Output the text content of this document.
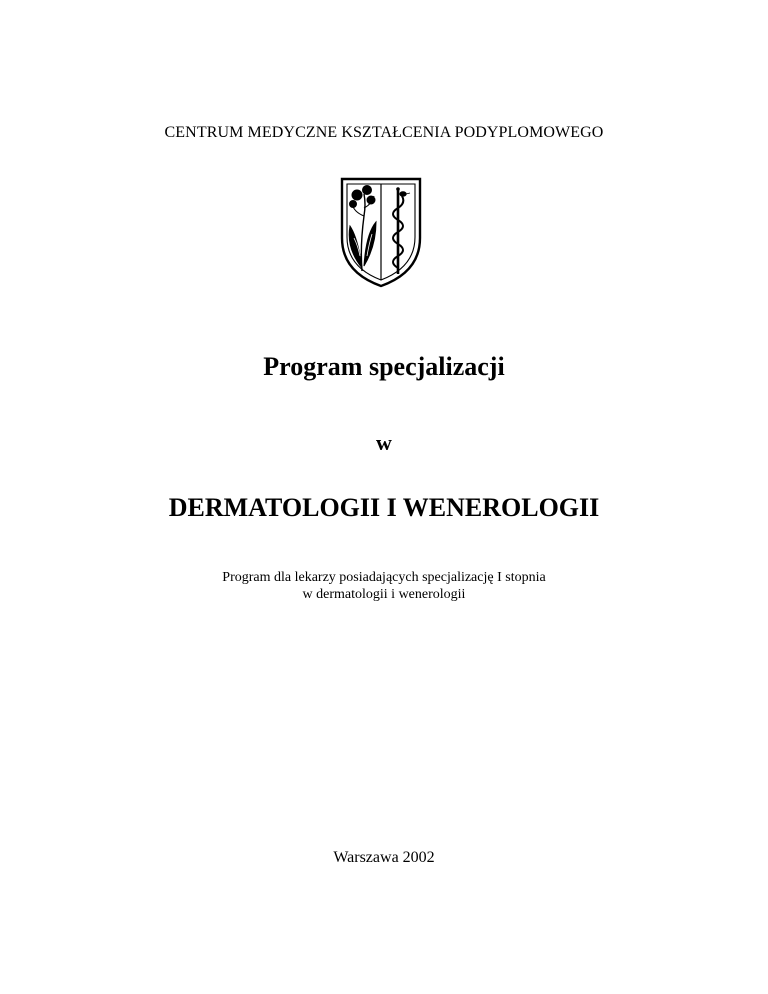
CENTRUM MEDYCZNE KSZTAŁCENIA PODYPLOMOWEGO
Program specjalizacji
w
DERMATOLOGII I WENEROLOGII
Program dla lekarzy posiadających specjalizację I stopnia
w dermatologii i wenerologii
Warszawa 2002
